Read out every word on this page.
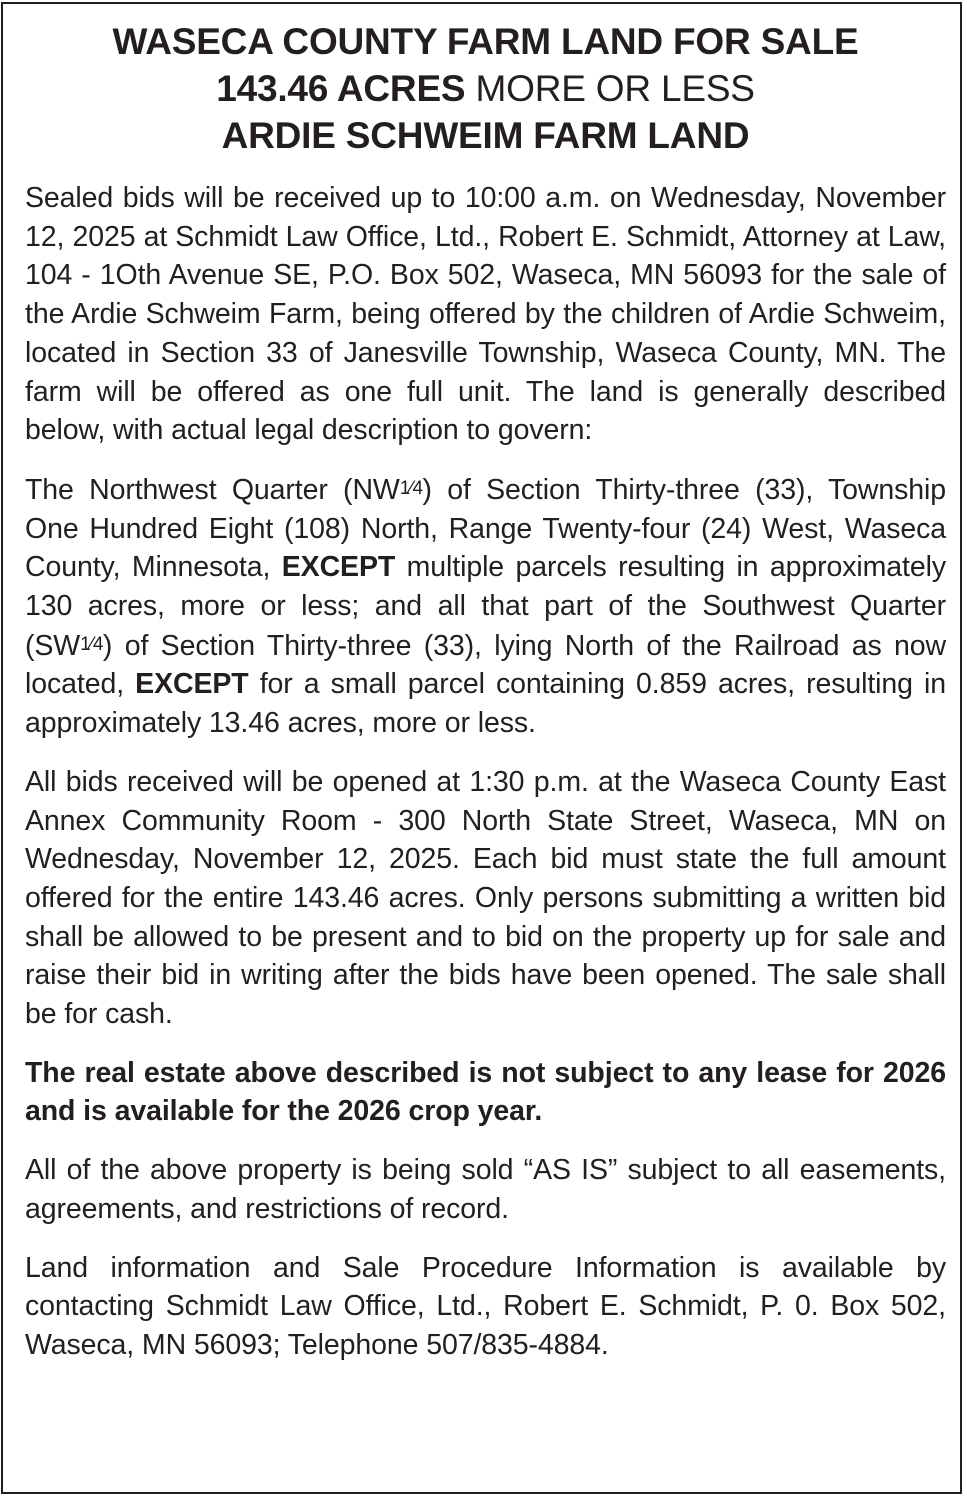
WASECA COUNTY FARM LAND FOR SALE
143.46 ACRES MORE OR LESS
ARDIE SCHWEIM FARM LAND

Sealed bids will be received up to 10:00 a.m. on Wednesday, November 12, 2025 at Schmidt Law Office, Ltd., Robert E. Schmidt, Attorney at Law, 104 - 1Oth Avenue SE, P.O. Box 502, Waseca, MN 56093 for the sale of the Ardie Schweim Farm, being offered by the children of Ardie Schweim, located in Section 33 of Janesville Township, Waseca County, MN. The farm will be offered as one full unit. The land is generally described below, with actual legal description to govern:

The Northwest Quarter (NW1⁄4) of Section Thirty-three (33), Township One Hundred Eight (108) North, Range Twenty-four (24) West, Waseca County, Minnesota, EXCEPT multiple parcels resulting in approximately 130 acres, more or less; and all that part of the Southwest Quarter (SW1⁄4) of Section Thirty-three (33), lying North of the Railroad as now located, EXCEPT for a small parcel containing 0.859 acres, resulting in approximately 13.46 acres, more or less.

All bids received will be opened at 1:30 p.m. at the Waseca County East Annex Community Room - 300 North State Street, Waseca, MN on Wednesday, November 12, 2025. Each bid must state the full amount offered for the entire 143.46 acres. Only persons submitting a written bid shall be allowed to be present and to bid on the property up for sale and raise their bid in writing after the bids have been opened. The sale shall be for cash.

The real estate above described is not subject to any lease for 2026 and is available for the 2026 crop year.

All of the above property is being sold “AS IS” subject to all easements, agreements, and restrictions of record.

Land information and Sale Procedure Information is available by contacting Schmidt Law Office, Ltd., Robert E. Schmidt, P. 0. Box 502, Waseca, MN 56093; Telephone 507/835-4884.
